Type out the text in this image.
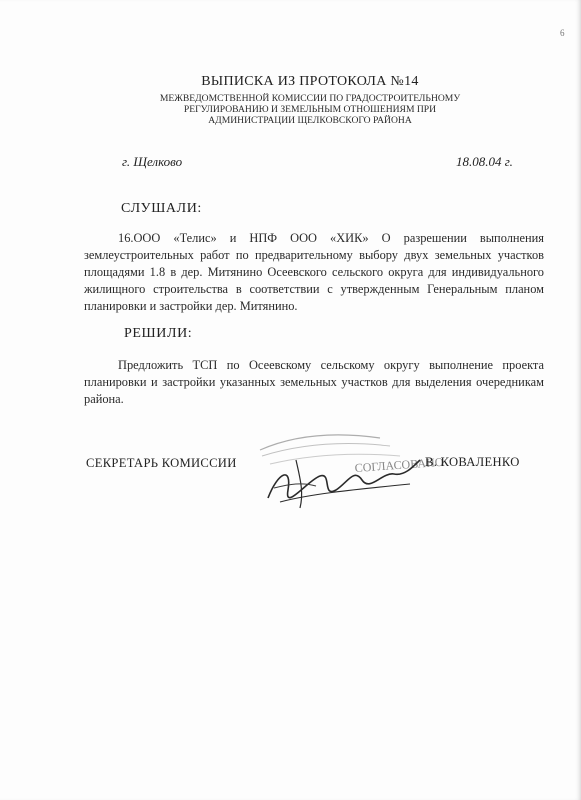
6
ВЫПИСКА ИЗ ПРОТОКОЛА №14
МЕЖВЕДОМСТВЕННОЙ КОМИССИИ ПО ГРАДОСТРОИТЕЛЬНОМУ
РЕГУЛИРОВАНИЮ И ЗЕМЕЛЬНЫМ ОТНОШЕНИЯМ ПРИ
АДМИНИСТРАЦИИ ЩЕЛКОВСКОГО РАЙОНА
г. Щелково	18.08.04 г.
СЛУШАЛИ:
16.ООО «Телис» и НПФ ООО «ХИК» О разрешении выполнения землеустроительных работ по предварительному выбору двух земельных участков площадями 1.8 в дер. Митянино Осеевского сельского округа для индивидуального жилищного строительства в соответствии с утвержденным Генеральным планом планировки и застройки дер. Митянино.
РЕШИЛИ:
Предложить ТСП по Осеевскому сельскому округу выполнение проекта планировки и застройки указанных земельных участков для выделения очередникам района.
СЕКРЕТАРЬ КОМИССИИ	СОГЛАСОВАНО
В. КОВАЛЕНКО
